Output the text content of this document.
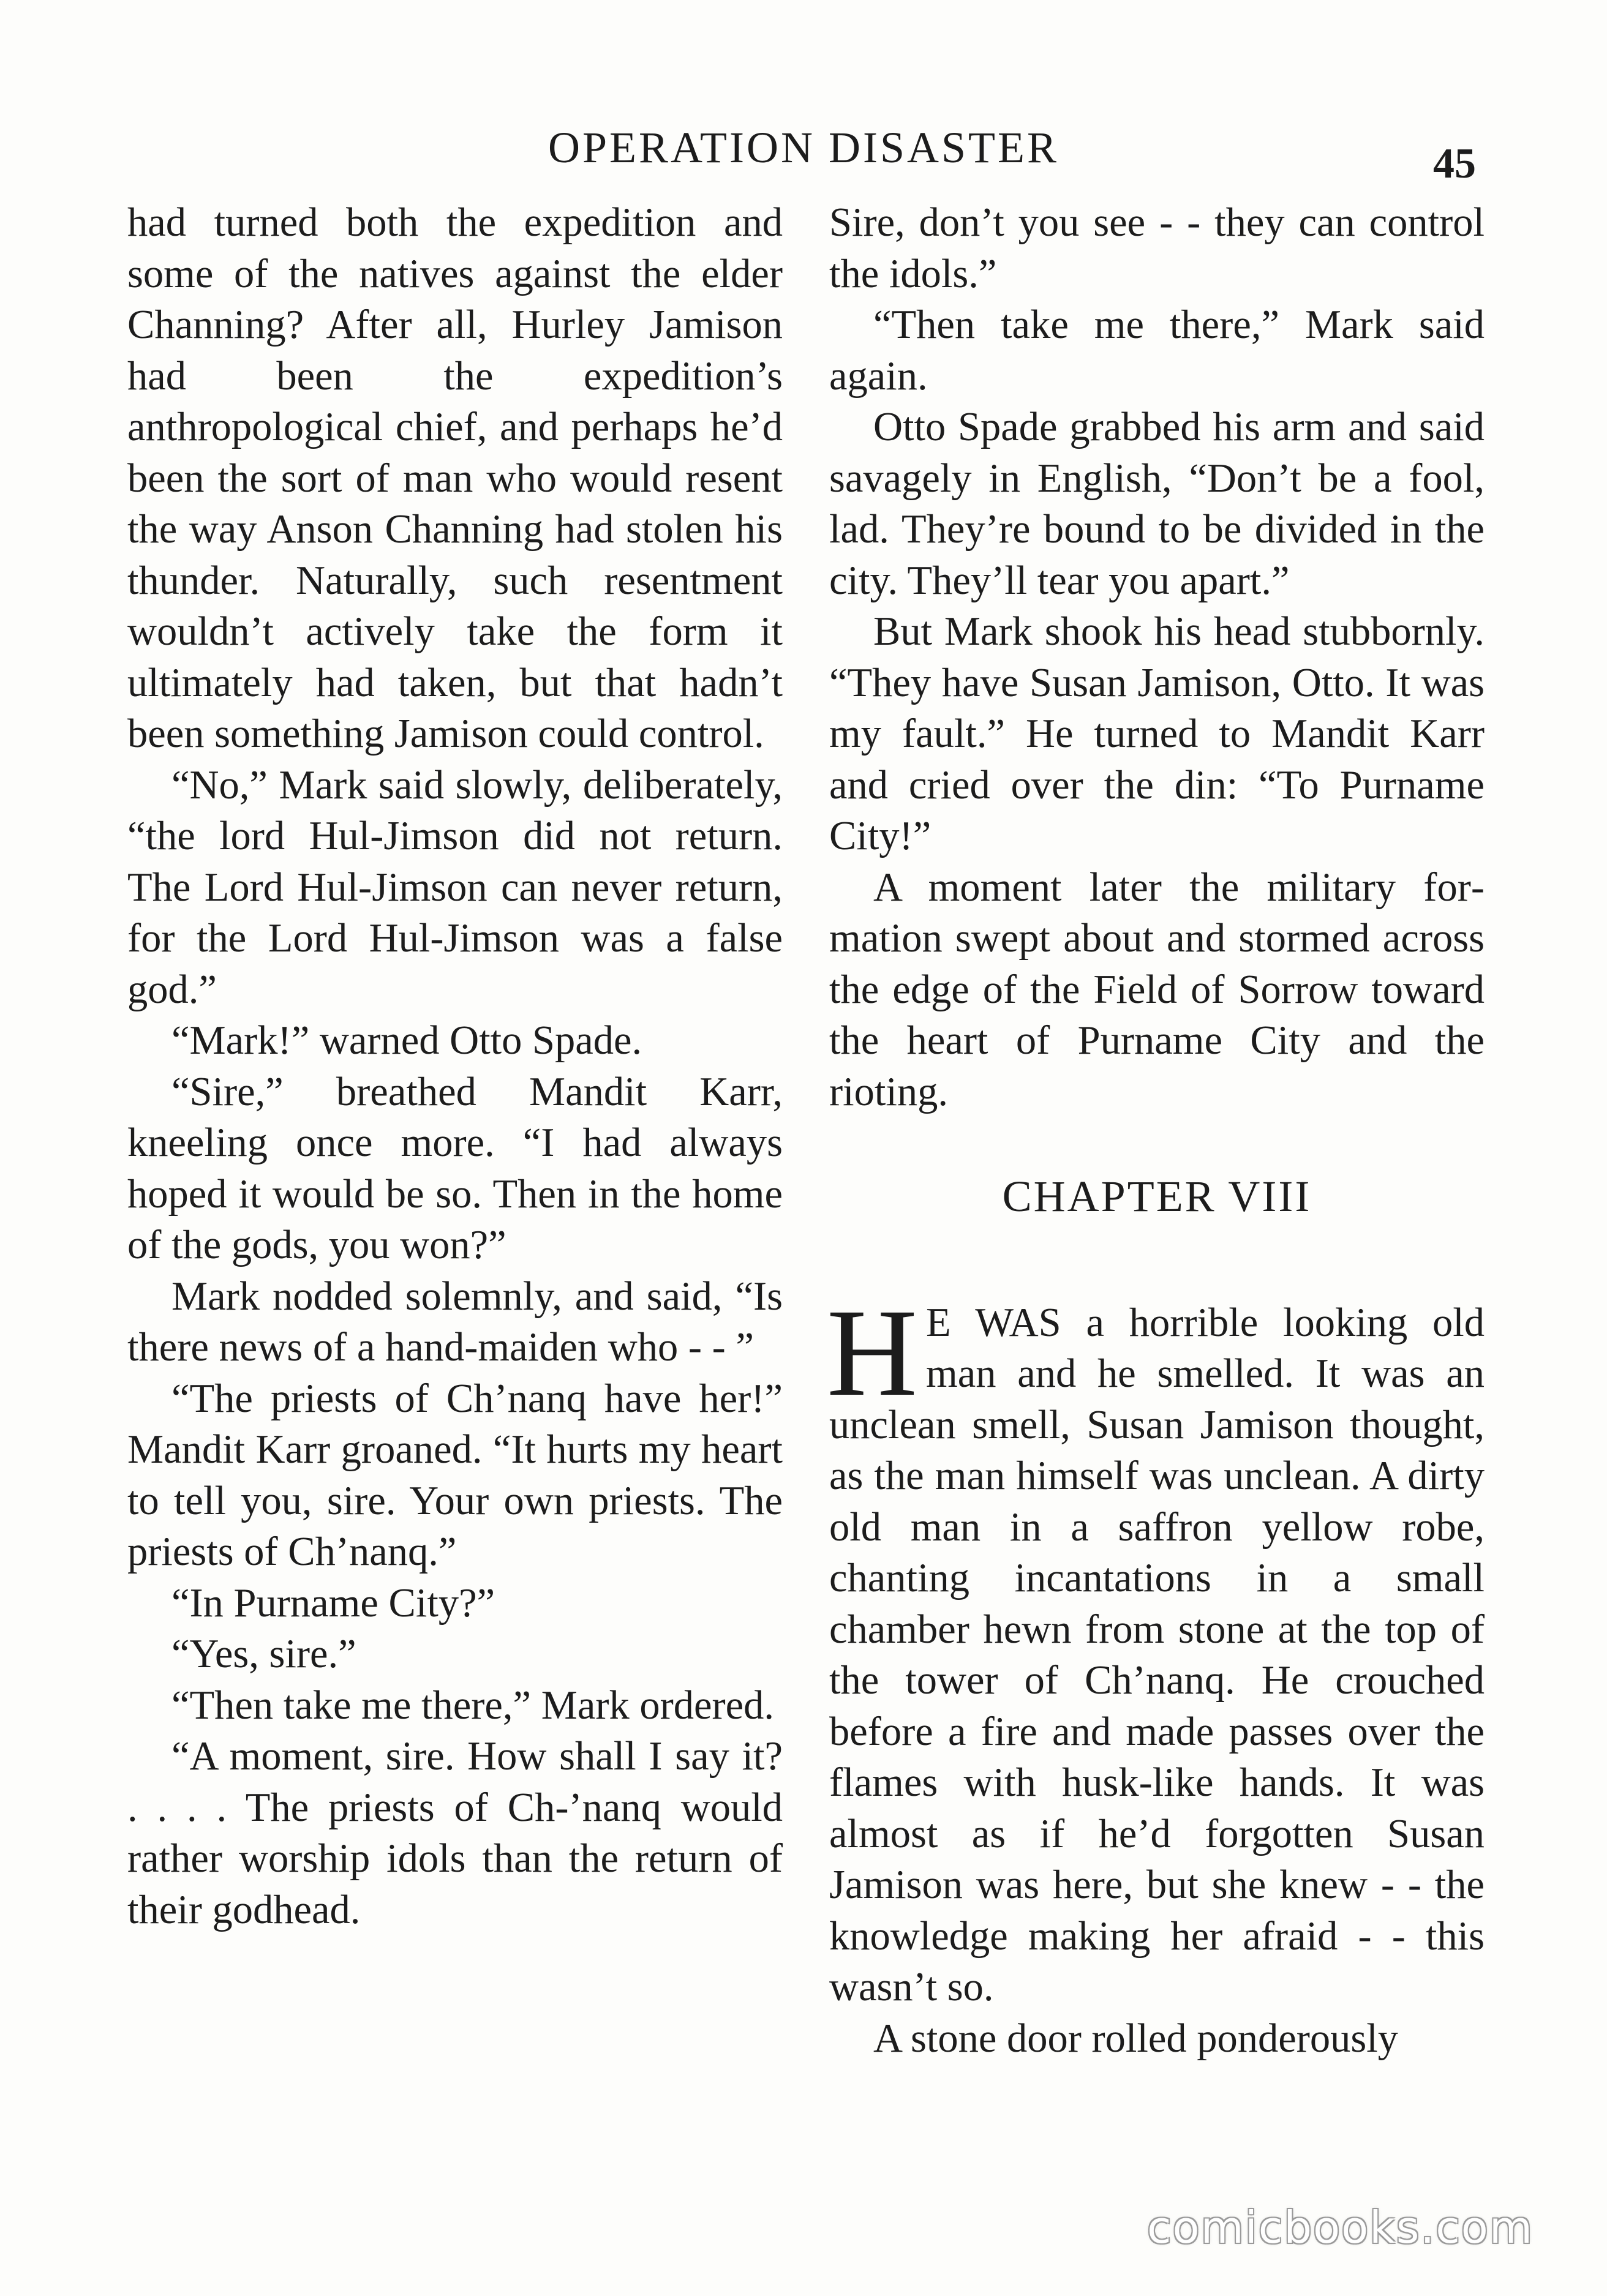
OPERATION DISASTER	45

had turned both the expedition and some of the natives against the elder Channing? After all, Hurley Jamison had been the expedition’s anthropological chief, and perhaps he’d been the sort of man who would resent the way Anson Channing had stolen his thunder. Naturally, such resentment wouldn’t actively take the form it ultimately had taken, but that hadn’t been something Jamison could control.

“No,” Mark said slowly, deliberately, “the lord Hul-Jimson did not return. The Lord Hul-Jimson can never return, for the Lord Hul-Jimson was a false god.”

“Mark!” warned Otto Spade.

“Sire,” breathed Mandit Karr, kneeling once more. “I had always hoped it would be so. Then in the home of the gods, you won?”

Mark nodded solemnly, and said, “Is there news of a hand-maiden who - - ”

“The priests of Ch’nanq have her!” Mandit Karr groaned. “It hurts my heart to tell you, sire. Your own priests. The priests of Ch’nanq.”

“In Purname City?”

“Yes, sire.”

“Then take me there,” Mark ordered.

“A moment, sire. How shall I say it? . . . . The priests of Ch-’nanq would rather worship idols than the return of their godhead.

Sire, don’t you see - - they can control the idols.”

“Then take me there,” Mark said again.

Otto Spade grabbed his arm and said savagely in English, “Don’t be a fool, lad. They’re bound to be divided in the city. They’ll tear you apart.”

But Mark shook his head stubbornly. “They have Susan Jamison, Otto. It was my fault.” He turned to Mandit Karr and cried over the din: “To Purname City!”

A moment later the military formation swept about and stormed across the edge of the Field of Sorrow toward the heart of Purname City and the rioting.

CHAPTER VIII

H E WAS a horrible looking old man and he smelled. It was an unclean smell, Susan Jamison thought, as the man himself was unclean. A dirty old man in a saffron yellow robe, chanting incantations in a small chamber hewn from stone at the top of the tower of Ch’nanq. He crouched before a fire and made passes over the flames with husk-like hands. It was almost as if he’d forgotten Susan Jamison was here, but she knew - - the knowledge making her afraid - - this wasn’t so.

A stone door rolled ponderously

comicbooks.com
